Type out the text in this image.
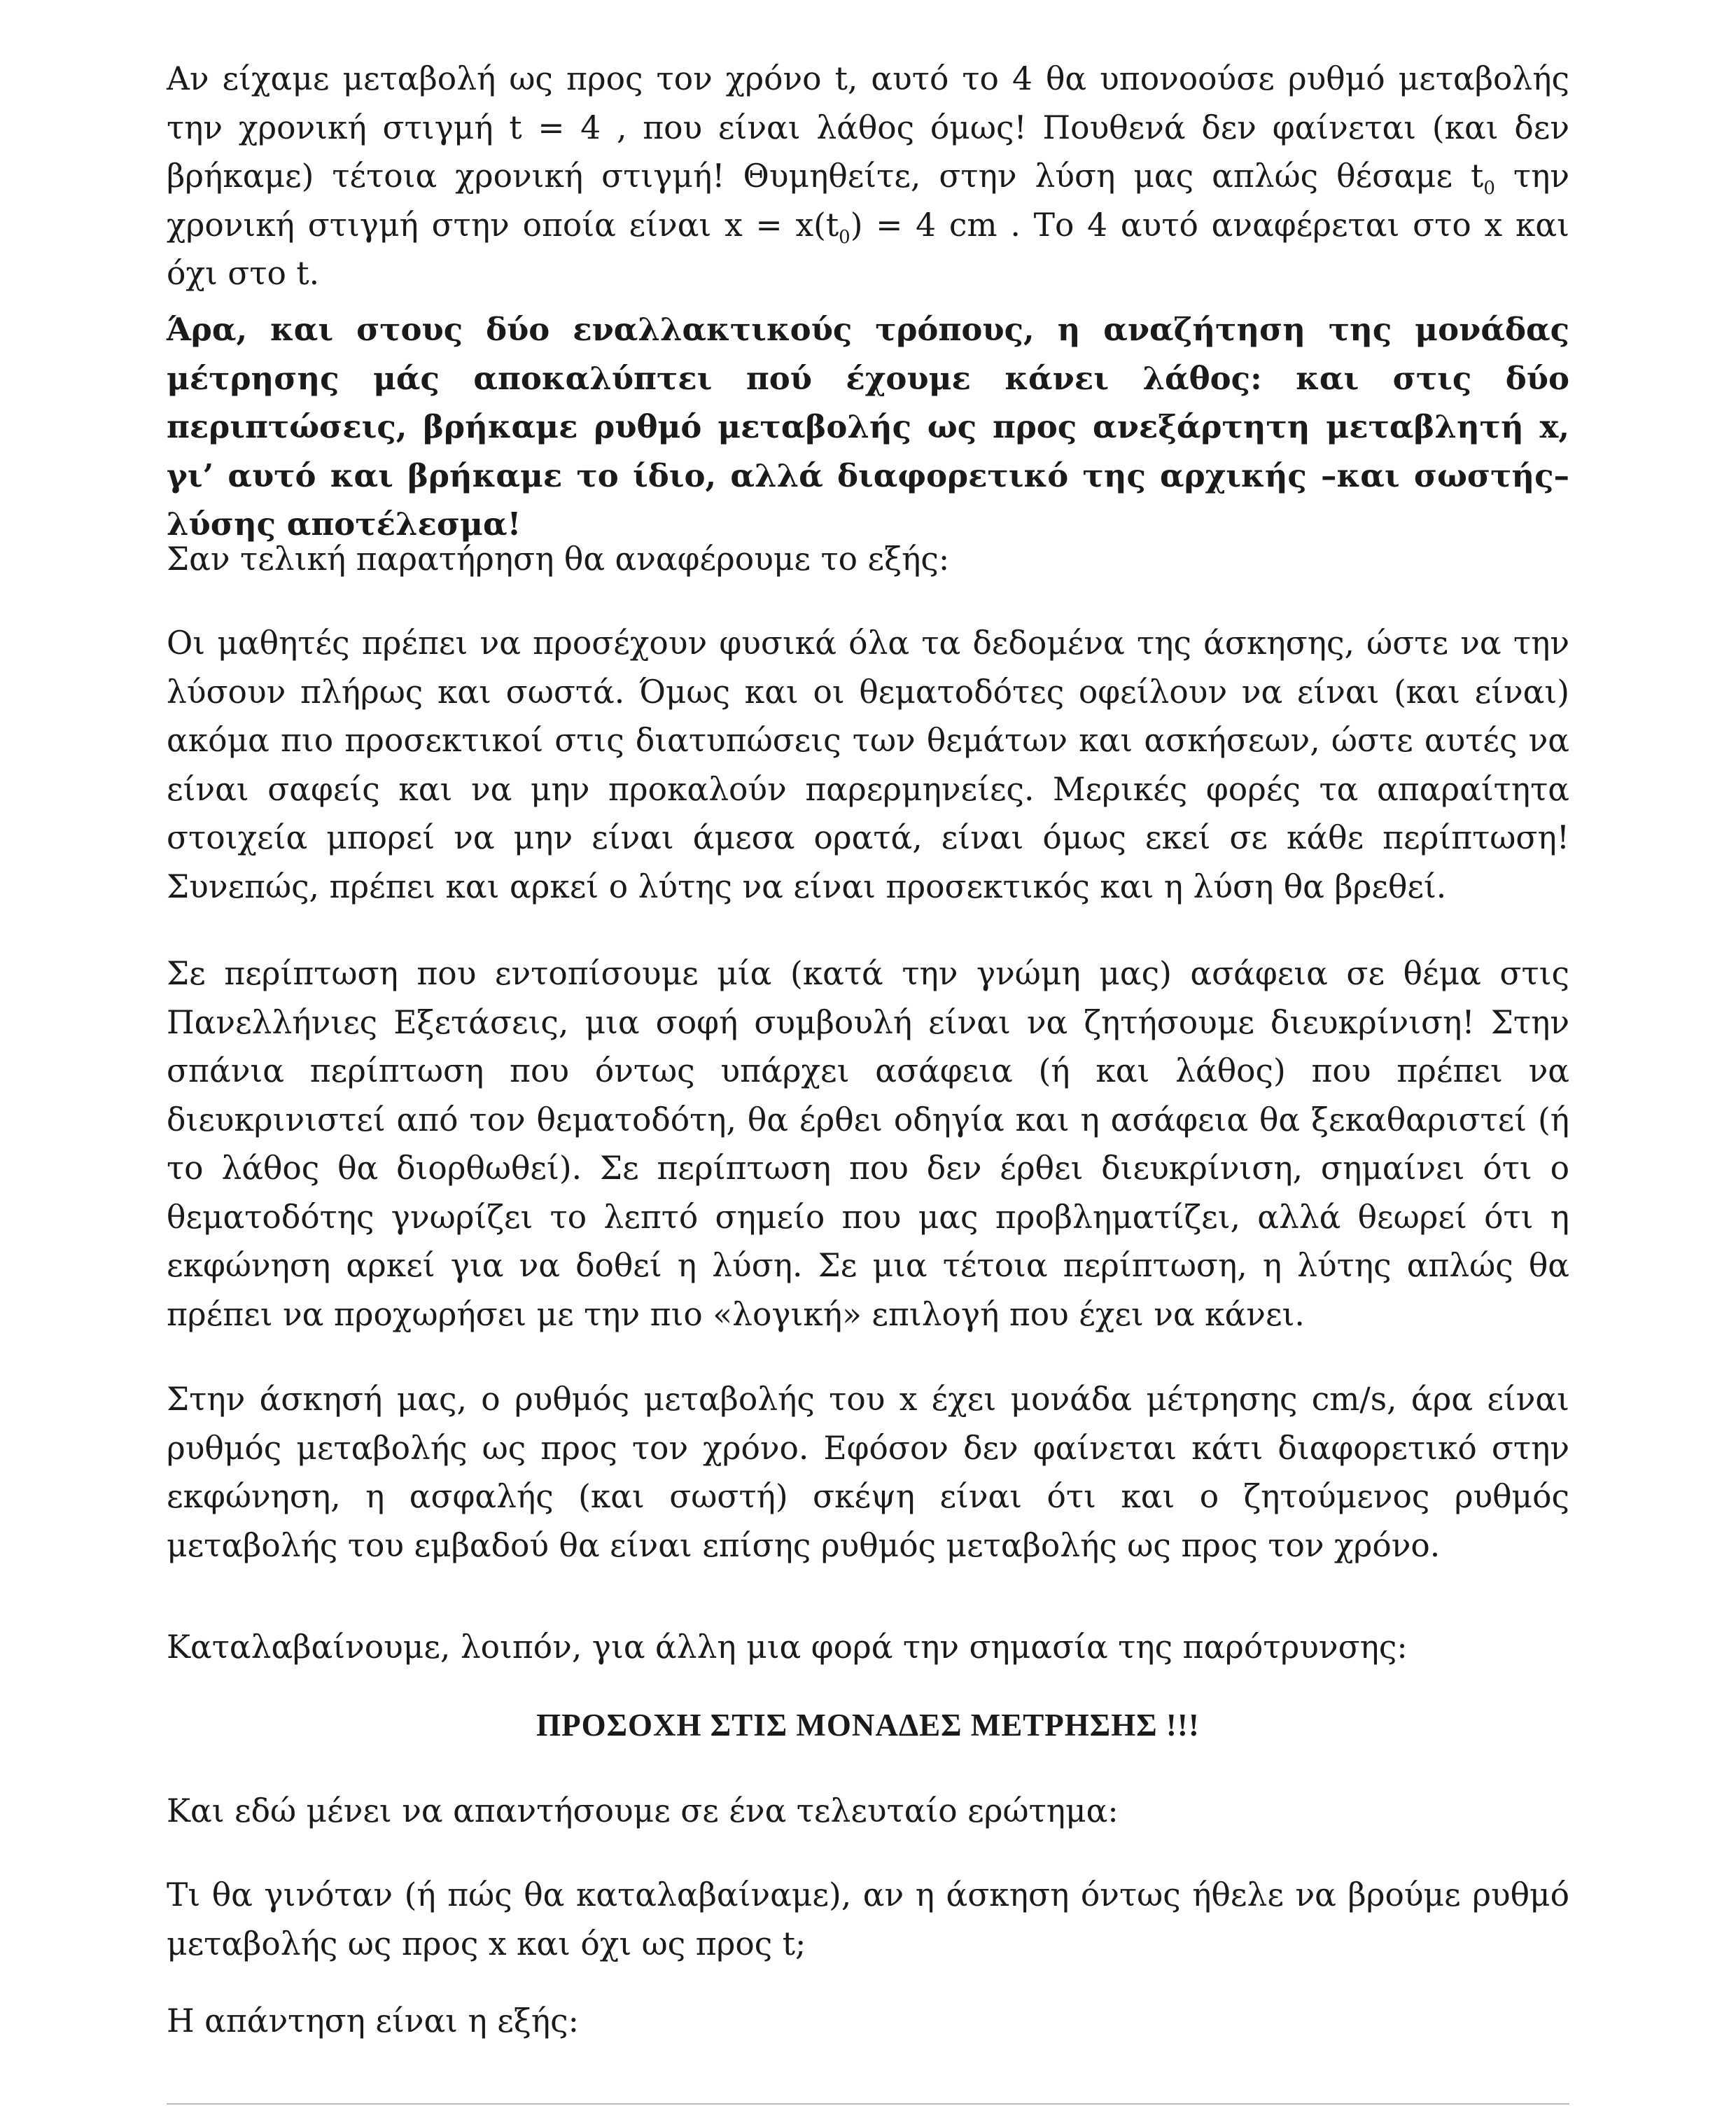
Αν είχαμε μεταβολή ως προς τον χρόνο t, αυτό το 4 θα υπονοούσε ρυθμό μεταβολής την χρονική στιγμή t = 4 , που είναι λάθος όμως! Πουθενά δεν φαίνεται (και δεν βρήκαμε) τέτοια χρονική στιγμή! Θυμηθείτε, στην λύση μας απλώς θέσαμε $t_0$ την χρονική στιγμή στην οποία είναι $x = x(t_0) = 4$ cm . Το 4 αυτό αναφέρεται στο x και όχι στο t.

Άρα, και στους δύο εναλλακτικούς τρόπους, η αναζήτηση της μονάδας μέτρησης μάς αποκαλύπτει πού έχουμε κάνει λάθος: και στις δύο περιπτώσεις, βρήκαμε ρυθμό μεταβολής ως προς ανεξάρτητη μεταβλητή x, γι’ αυτό και βρήκαμε το ίδιο, αλλά διαφορετικό της αρχικής –και σωστής– λύσης αποτέλεσμα!

Σαν τελική παρατήρηση θα αναφέρουμε το εξής:

Οι μαθητές πρέπει να προσέχουν φυσικά όλα τα δεδομένα της άσκησης, ώστε να την λύσουν πλήρως και σωστά. Όμως και οι θεματοδότες οφείλουν να είναι (και είναι) ακόμα πιο προσεκτικοί στις διατυπώσεις των θεμάτων και ασκήσεων, ώστε αυτές να είναι σαφείς και να μην προκαλούν παρερμηνείες. Μερικές φορές τα απαραίτητα στοιχεία μπορεί να μην είναι άμεσα ορατά, είναι όμως εκεί σε κάθε περίπτωση! Συνεπώς, πρέπει και αρκεί ο λύτης να είναι προσεκτικός και η λύση θα βρεθεί.

Σε περίπτωση που εντοπίσουμε μία (κατά την γνώμη μας) ασάφεια σε θέμα στις Πανελλήνιες Εξετάσεις, μια σοφή συμβουλή είναι να ζητήσουμε διευκρίνιση! Στην σπάνια περίπτωση που όντως υπάρχει ασάφεια (ή και λάθος) που πρέπει να διευκρινιστεί από τον θεματοδότη, θα έρθει οδηγία και η ασάφεια θα ξεκαθαριστεί (ή το λάθος θα διορθωθεί). Σε περίπτωση που δεν έρθει διευκρίνιση, σημαίνει ότι ο θεματοδότης γνωρίζει το λεπτό σημείο που μας προβληματίζει, αλλά θεωρεί ότι η εκφώνηση αρκεί για να δοθεί η λύση. Σε μια τέτοια περίπτωση, η λύτης απλώς θα πρέπει να προχωρήσει με την πιο «λογική» επιλογή που έχει να κάνει.

Στην άσκησή μας, ο ρυθμός μεταβολής του x έχει μονάδα μέτρησης cm/s, άρα είναι ρυθμός μεταβολής ως προς τον χρόνο. Εφόσον δεν φαίνεται κάτι διαφορετικό στην εκφώνηση, η ασφαλής (και σωστή) σκέψη είναι ότι και ο ζητούμενος ρυθμός μεταβολής του εμβαδού θα είναι επίσης ρυθμός μεταβολής ως προς τον χρόνο.

Καταλαβαίνουμε, λοιπόν, για άλλη μια φορά την σημασία της παρότρυνσης:

ΠΡΟΣΟΧΗ ΣΤΙΣ ΜΟΝΑΔΕΣ ΜΕΤΡΗΣΗΣ !!!

Και εδώ μένει να απαντήσουμε σε ένα τελευταίο ερώτημα:

Τι θα γινόταν (ή πώς θα καταλαβαίναμε), αν η άσκηση όντως ήθελε να βρούμε ρυθμό μεταβολής ως προς x και όχι ως προς t;

Η απάντηση είναι η εξής:
